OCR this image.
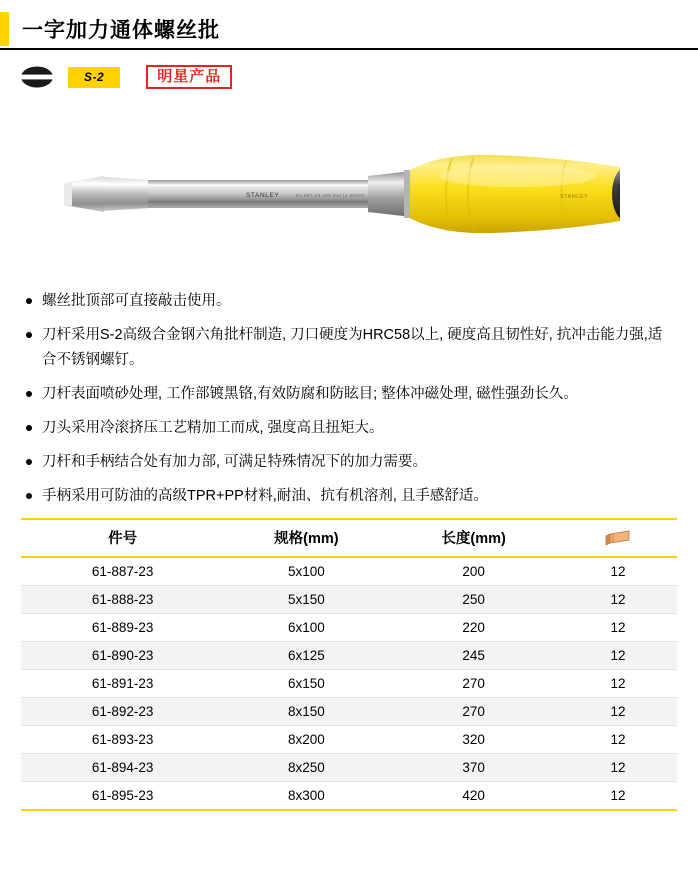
一字加力通体螺丝批
S-2	明星产品
STANLEY	61-887-23 100 mm (4 INCH)	STANLEY
螺丝批顶部可直接敲击使用。
刀杆采用S-2高级合金钢六角批杆制造, 刀口硬度为HRC58以上, 硬度高且韧性好, 抗冲击能力强,适合不锈钢螺钉。
刀杆表面喷砂处理, 工作部镀黑铬,有效防腐和防眩目; 整体冲磁处理, 磁性强劲长久。
刀头采用冷滚挤压工艺精加工而成, 强度高且扭矩大。
刀杆和手柄结合处有加力部, 可满足特殊情况下的加力需要。
手柄采用可防油的高级TPR+PP材料,耐油、抗有机溶剂, 且手感舒适。
件号	规格(mm)	长度(mm)	
61-887-23	5x100	200	12
61-888-23	5x150	250	12
61-889-23	6x100	220	12
61-890-23	6x125	245	12
61-891-23	6x150	270	12
61-892-23	8x150	270	12
61-893-23	8x200	320	12
61-894-23	8x250	370	12
61-895-23	8x300	420	12
